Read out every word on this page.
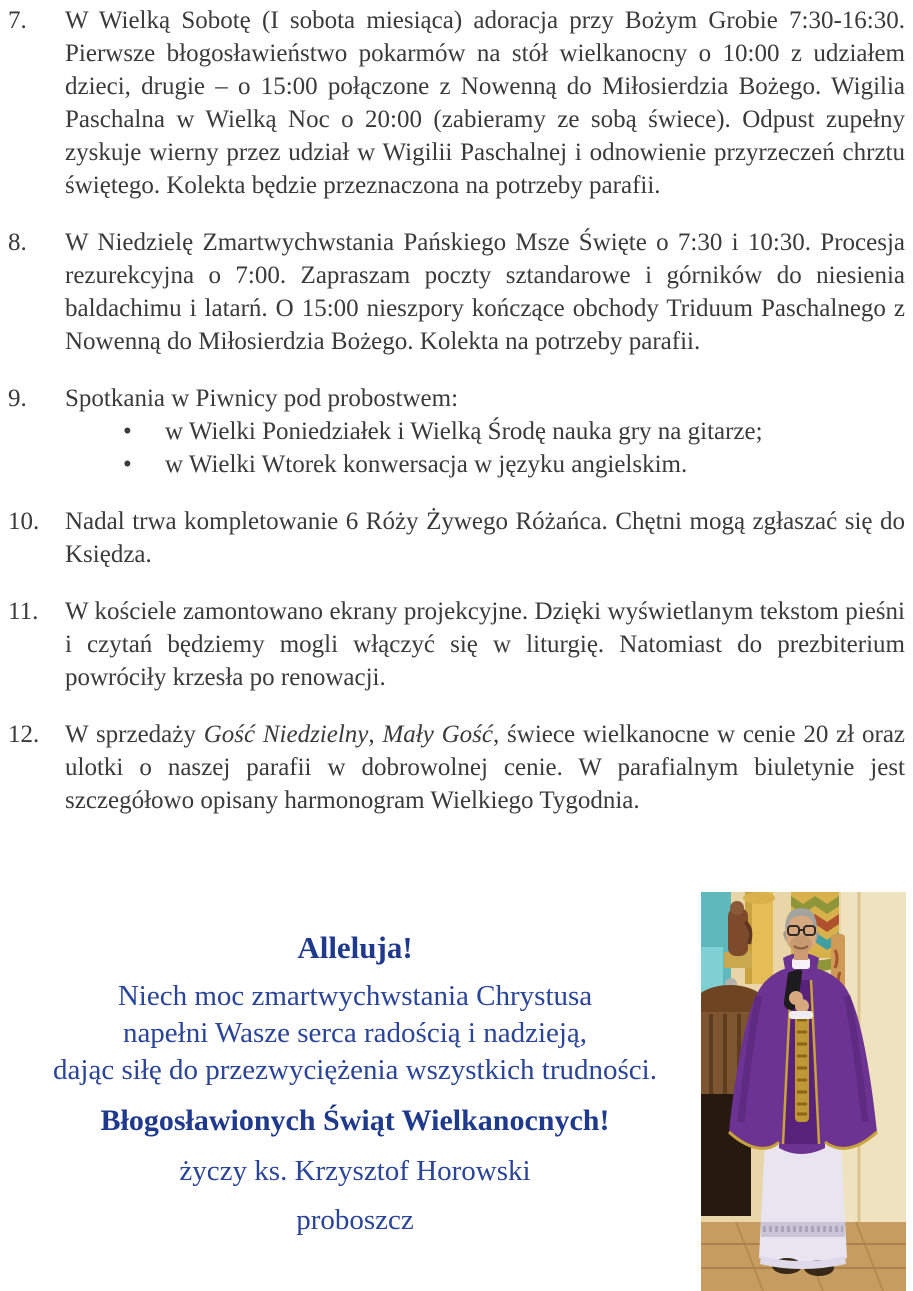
7.	W Wielką Sobotę (I sobota miesiąca) adoracja przy Bożym Grobie 7:30-16:30. Pierwsze błogosławieństwo pokarmów na stół wielkanocny o 10:00 z udziałem dzieci, drugie – o 15:00 połączone z Nowenną do Miłosierdzia Bożego. Wigilia Paschalna w Wielką Noc o 20:00 (zabieramy ze sobą świece). Odpust zupełny zyskuje wierny przez udział w Wigilii Paschalnej i odnowienie przyrzeczeń chrztu świętego. Kolekta będzie przeznaczona na potrzeby parafii.
8.	W Niedzielę Zmartwychwstania Pańskiego Msze Święte o 7:30 i 10:30. Procesja rezurekcyjna o 7:00. Zapraszam poczty sztandarowe i górników do niesienia baldachimu i latarń. O 15:00 nieszpory kończące obchody Triduum Paschalnego z Nowenną do Miłosierdzia Bożego. Kolekta na potrzeby parafii.
9.	Spotkania w Piwnicy pod probostwem:
•	w Wielki Poniedziałek i Wielką Środę nauka gry na gitarze;
•	w Wielki Wtorek konwersacja w języku angielskim.
10.	Nadal trwa kompletowanie 6 Róży Żywego Różańca. Chętni mogą zgłaszać się do Księdza.
11.	W kościele zamontowano ekrany projekcyjne. Dzięki wyświetlanym tekstom pieśni i czytań będziemy mogli włączyć się w liturgię. Natomiast do prezbiterium powróciły krzesła po renowacji.
12.	W sprzedaży Gość Niedzielny, Mały Gość, świece wielkanocne w cenie 20 zł oraz ulotki o naszej parafii w dobrowolnej cenie. W parafialnym biuletynie jest szczegółowo opisany harmonogram Wielkiego Tygodnia.
Alleluja!
Niech moc zmartwychwstania Chrystusa
napełni Wasze serca radością i nadzieją,
dając siłę do przezwyciężenia wszystkich trudności.
Błogosławionych Świąt Wielkanocnych!
życzy ks. Krzysztof Horowski
proboszcz
